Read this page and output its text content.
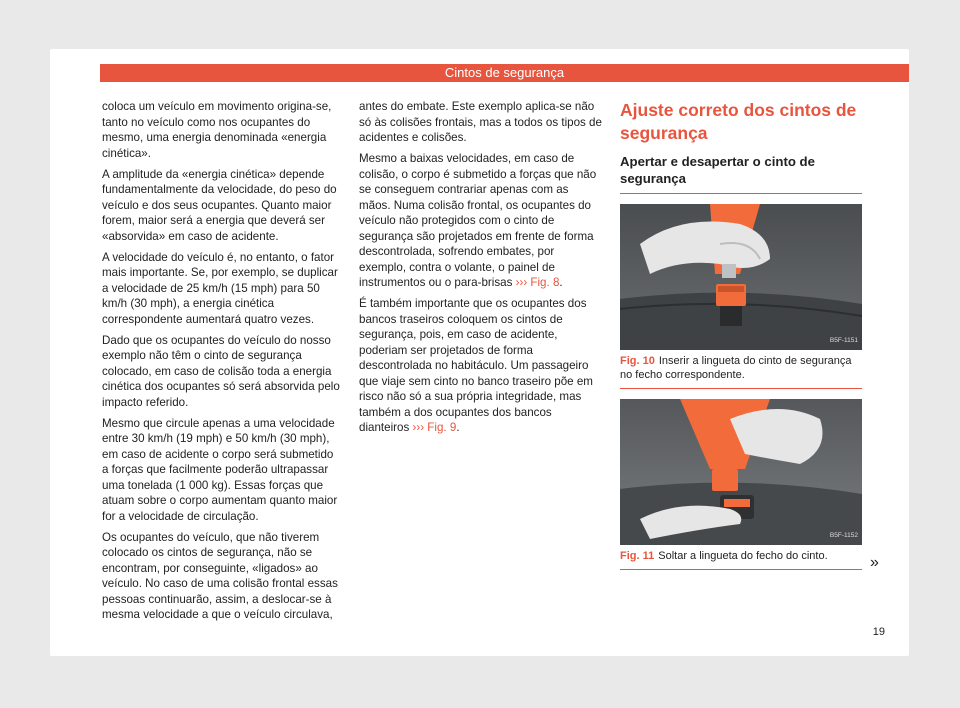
Cintos de segurança

coloca um veículo em movimento origina-se, tanto no veículo como nos ocupantes do mesmo, uma energia denominada «energia cinética».

A amplitude da «energia cinética» depende fundamentalmente da velocidade, do peso do veículo e dos seus ocupantes. Quanto maior forem, maior será a energia que deverá ser «absorvida» em caso de acidente.

A velocidade do veículo é, no entanto, o fator mais importante. Se, por exemplo, se duplicar a velocidade de 25 km/h (15 mph) para 50 km/h (30 mph), a energia cinética correspondente aumentará quatro vezes.

Dado que os ocupantes do veículo do nosso exemplo não têm o cinto de segurança colocado, em caso de colisão toda a energia cinética dos ocupantes só será absorvida pelo impacto referido.

Mesmo que circule apenas a uma velocidade entre 30 km/h (19 mph) e 50 km/h (30 mph), em caso de acidente o corpo será submetido a forças que facilmente poderão ultrapassar uma tonelada (1 000 kg). Essas forças que atuam sobre o corpo aumentam quanto maior for a velocidade de circulação.

Os ocupantes do veículo, que não tiverem colocado os cintos de segurança, não se encontram, por conseguinte, «ligados» ao veículo. No caso de uma colisão frontal essas pessoas continuarão, assim, a deslocar-se à mesma velocidade a que o veículo circulava,

antes do embate. Este exemplo aplica-se não só às colisões frontais, mas a todos os tipos de acidentes e colisões.

Mesmo a baixas velocidades, em caso de colisão, o corpo é submetido a forças que não se conseguem contrariar apenas com as mãos. Numa colisão frontal, os ocupantes do veículo não protegidos com o cinto de segurança são projetados em frente de forma descontrolada, sofrendo embates, por exemplo, contra o volante, o painel de instrumentos ou o para-brisas ››› Fig. 8.

É também importante que os ocupantes dos bancos traseiros coloquem os cintos de segurança, pois, em caso de acidente, poderiam ser projetados de forma descontrolada no habitáculo. Um passageiro que viaje sem cinto no banco traseiro põe em risco não só a sua própria integridade, mas também a dos ocupantes dos bancos dianteiros ››› Fig. 9.

Ajuste correto dos cintos de segurança
Apertar e desapertar o cinto de segurança
B5F-1151
Fig. 10 Inserir a lingueta do cinto de segurança no fecho correspondente.
B5F-1152
Fig. 11 Soltar a lingueta do fecho do cinto.	»
19
